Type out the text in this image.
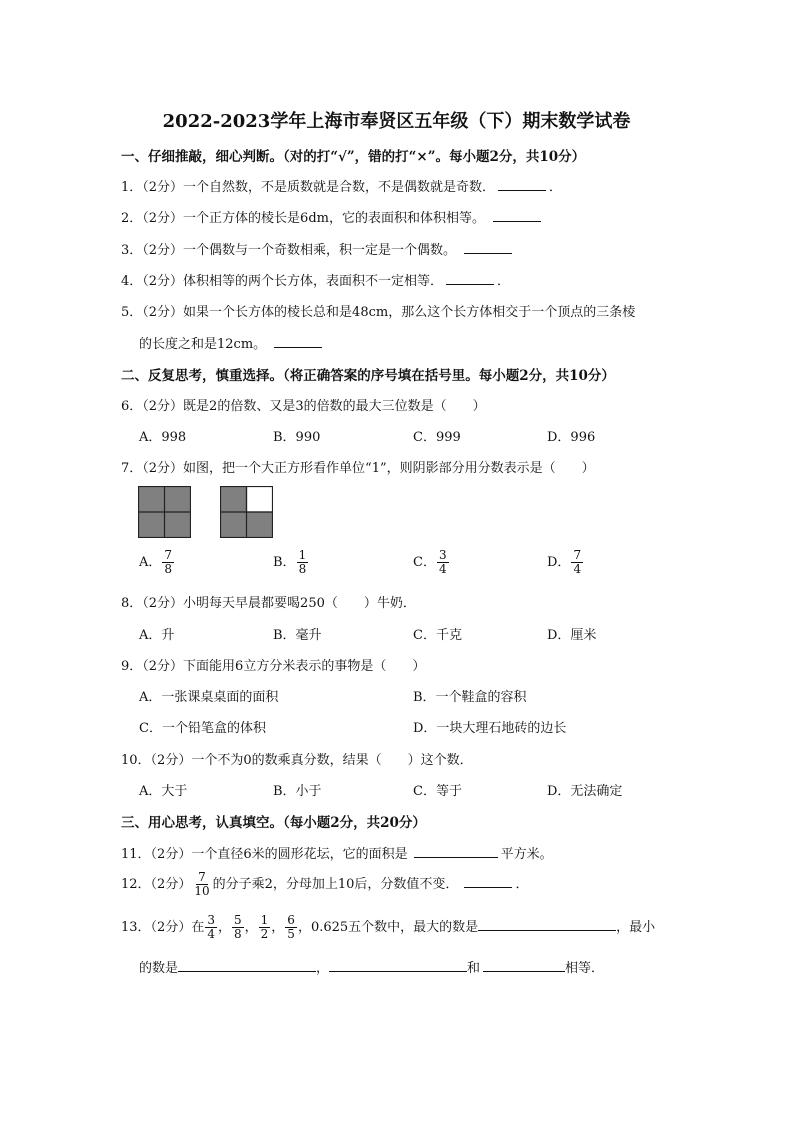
2022-2023学年上海市奉贤区五年级（下）期末数学试卷
一、仔细推敲，细心判断。（对的打“√”，错的打“×”。每小题2分，共10分）
1．（2分）一个自然数，不是质数就是合数，不是偶数就是奇数．	．
2．（2分）一个正方体的棱长是6dm，它的表面积和体积相等。
3．（2分）一个偶数与一个奇数相乘，积一定是一个偶数。
4．（2分）体积相等的两个长方体，表面积不一定相等．	．
5．（2分）如果一个长方体的棱长总和是48cm，那么这个长方体相交于一个顶点的三条棱
的长度之和是12cm。
二、反复思考，慎重选择。（将正确答案的序号填在括号里。每小题2分，共10分）
6．（2分）既是2的倍数、又是3的倍数的最大三位数是（　　）
A．998	B．990	C．999	D．996
7．（2分）如图，把一个大正方形看作单位“1”，则阴影部分用分数表示是（　　）
A． $\frac{7}{8}$	B． $\frac{1}{8}$	C． $\frac{3}{4}$	D． $\frac{7}{4}$
8．（2分）小明每天早晨都要喝250（　　）牛奶．
A．升	B．毫升	C．千克	D．厘米
9．（2分）下面能用6立方分米表示的事物是（　　）
A．一张课桌桌面的面积	B．一个鞋盒的容积
C．一个铅笔盒的体积	D．一块大理石地砖的边长
10．（2分）一个不为0的数乘真分数，结果（　　）这个数．
A．大于	B．小于	C．等于	D．无法确定
三、用心思考，认真填空。（每小题2分，共20分）
11．（2分）一个直径6米的圆形花坛，它的面积是	平方米。
12．（2分） $\frac{7}{10}$ 的分子乘2，分母加上10后，分数值不变．	．
13．（2分）在 $\frac{3}{4}$ ， $\frac{5}{8}$ ， $\frac{1}{2}$ ， $\frac{6}{5}$ ，0.625五个数中，最大的数是	，最小
的数是	，	和	相等．
